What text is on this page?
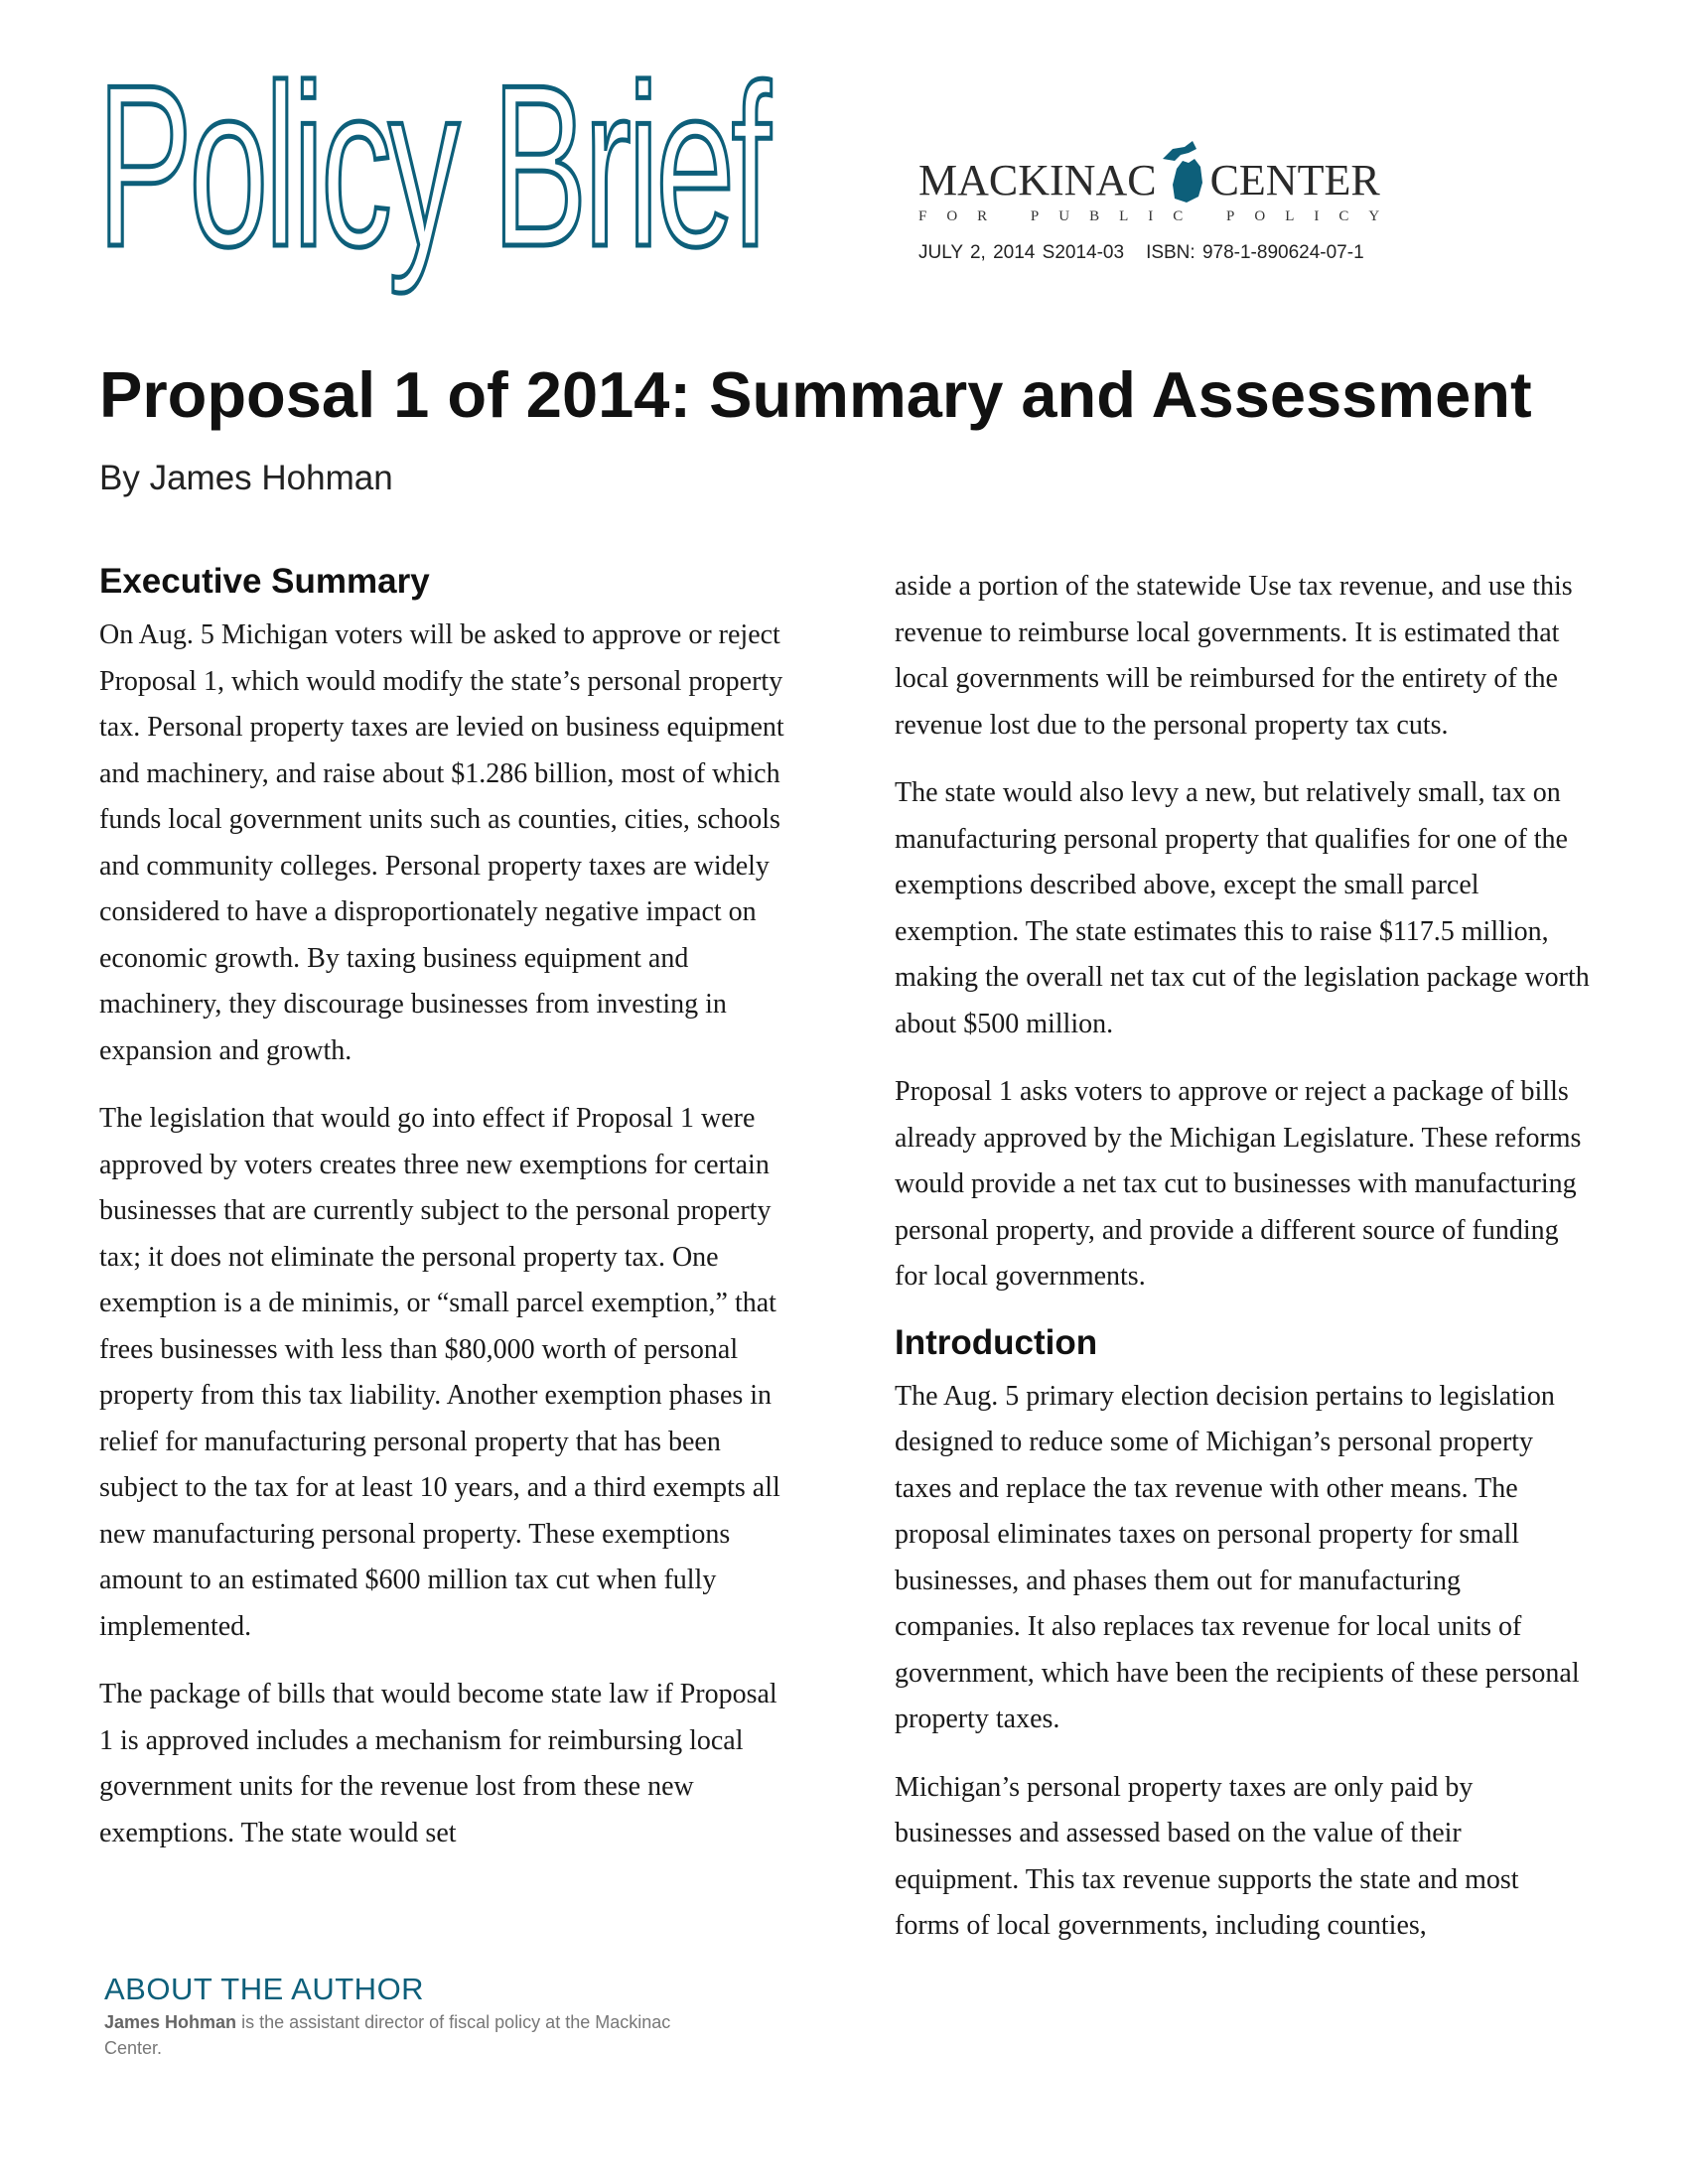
Policy Brief	MACKINAC CENTER
FOR PUBLIC POLICY
JULY 2, 2014 S2014-03 ISBN: 978-1-890624-07-1
Proposal 1 of 2014: Summary and Assessment
By James Hohman
Executive Summary

On Aug. 5 Michigan voters will be asked to approve or reject Proposal 1, which would modify the state’s personal property tax. Personal property taxes are levied on business equipment and machinery, and raise about $1.286 billion, most of which funds local government units such as counties, cities, schools and community colleges. Personal property taxes are widely considered to have a disproportionately negative impact on economic growth. By taxing business equipment and machinery, they discourage businesses from investing in expansion and growth.

The legislation that would go into effect if Proposal 1 were approved by voters creates three new exemptions for certain businesses that are currently subject to the personal property tax; it does not eliminate the personal property tax. One exemption is a de minimis, or “small parcel exemption,” that frees businesses with less than $80,000 worth of personal property from this tax liability. Another exemption phases in relief for manufacturing personal property that has been subject to the tax for at least 10 years, and a third exempts all new manufacturing personal property. These exemptions amount to an estimated $600 million tax cut when fully implemented.

The package of bills that would become state law if Proposal 1 is approved includes a mechanism for reimbursing local government units for the revenue lost from these new exemptions. The state would set

aside a portion of the statewide Use tax revenue, and use this revenue to reimburse local governments. It is estimated that local governments will be reimbursed for the entirety of the revenue lost due to the personal property tax cuts.

The state would also levy a new, but relatively small, tax on manufacturing personal property that qualifies for one of the exemptions described above, except the small parcel exemption. The state estimates this to raise $117.5 million, making the overall net tax cut of the legislation package worth about $500 million.

Proposal 1 asks voters to approve or reject a package of bills already approved by the Michigan Legislature. These reforms would provide a net tax cut to businesses with manufacturing personal property, and provide a different source of funding for local governments.

Introduction

The Aug. 5 primary election decision pertains to legislation designed to reduce some of Michigan’s personal property taxes and replace the tax revenue with other means. The proposal eliminates taxes on personal property for small businesses, and phases them out for manufacturing companies. It also replaces tax revenue for local units of government, which have been the recipients of these personal property taxes.

Michigan’s personal property taxes are only paid by businesses and assessed based on the value of their equipment. This tax revenue supports the state and most forms of local governments, including counties,

ABOUT THE AUTHOR
James Hohman is the assistant director of fiscal policy at the Mackinac Center.
